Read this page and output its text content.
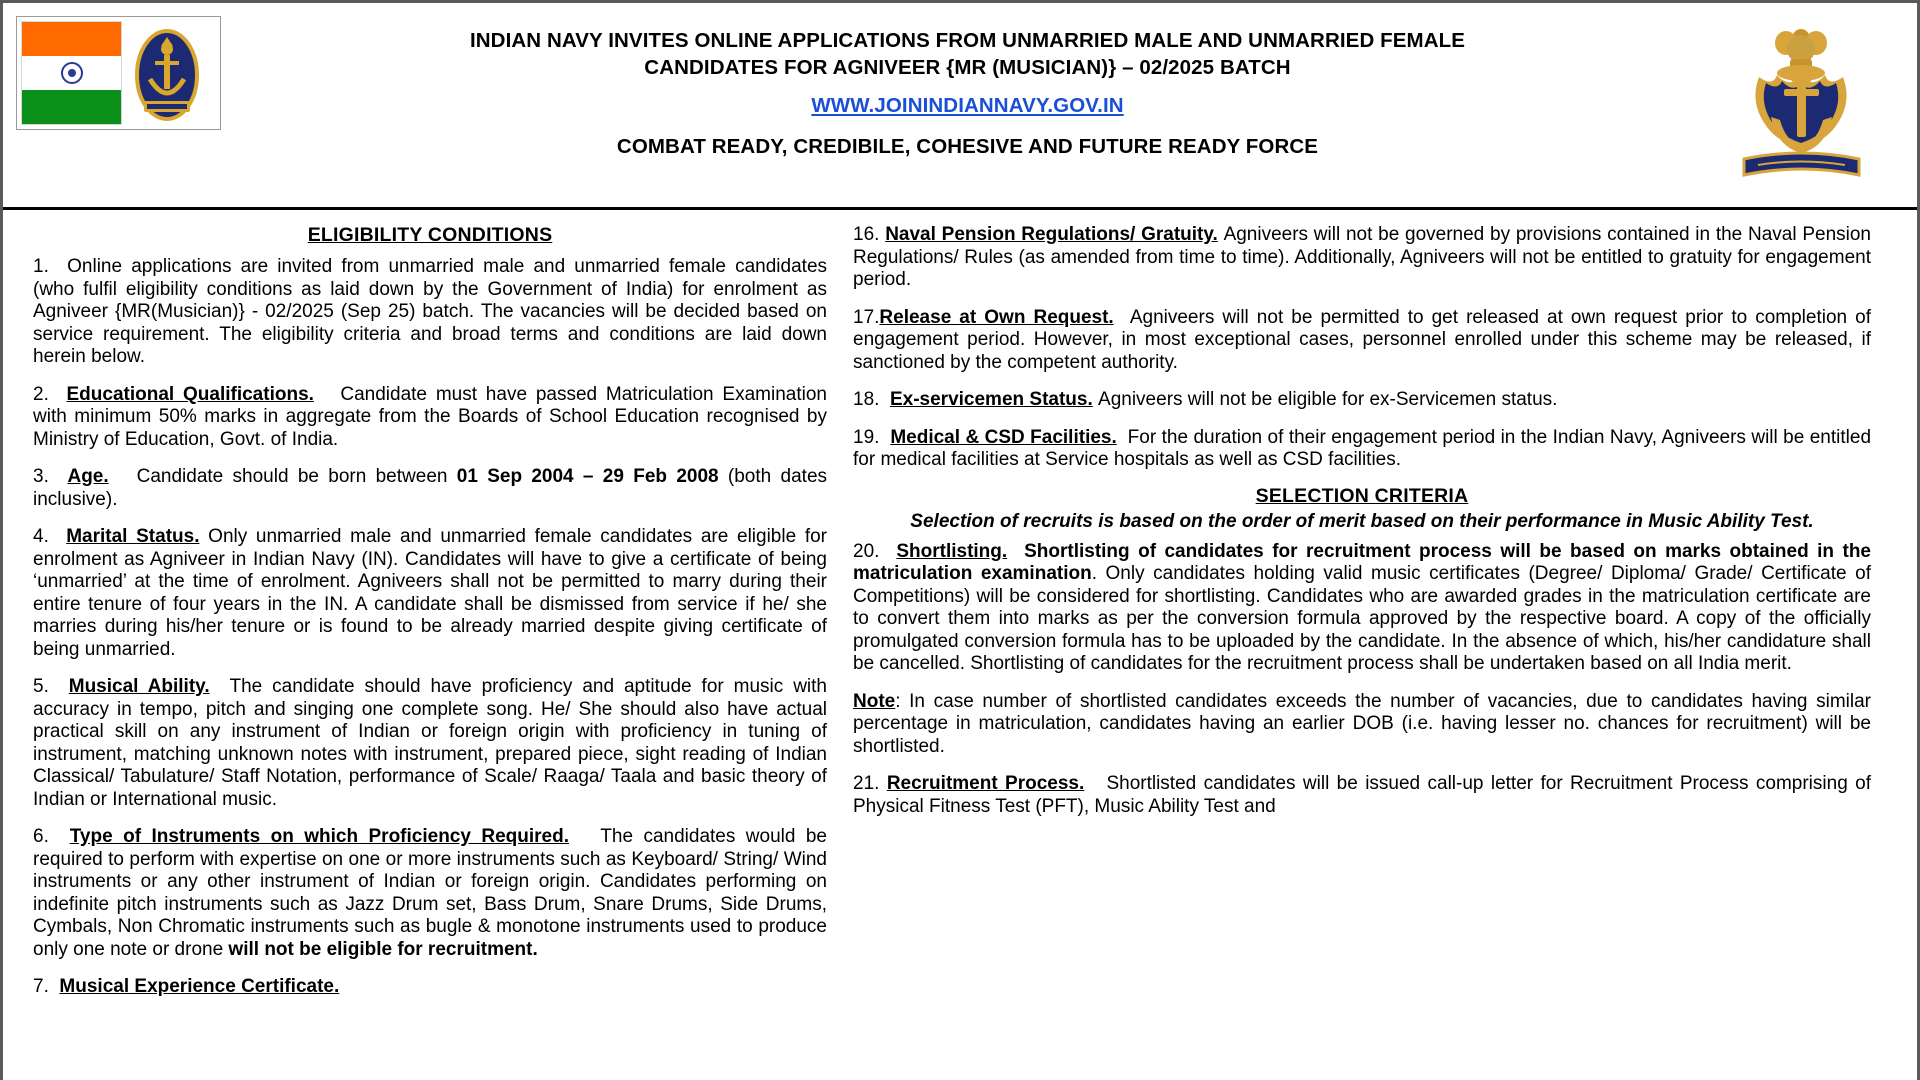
INDIAN NAVY INVITES ONLINE APPLICATIONS FROM UNMARRIED MALE AND UNMARRIED FEMALE
CANDIDATES FOR AGNIVEER {MR (MUSICIAN)} – 02/2025 BATCH
WWW.JOININDIANNAVY.GOV.IN
COMBAT READY, CREDIBILE, COHESIVE AND FUTURE READY FORCE
ELIGIBILITY CONDITIONS

1. Online applications are invited from unmarried male and unmarried female candidates (who fulfil eligibility conditions as laid down by the Government of India) for enrolment as Agniveer {MR(Musician)} - 02/2025 (Sep 25) batch. The vacancies will be decided based on service requirement. The eligibility criteria and broad terms and conditions are laid down herein below.

2. Educational Qualifications. Candidate must have passed Matriculation Examination with minimum 50% marks in aggregate from the Boards of School Education recognised by Ministry of Education, Govt. of India.

3. Age. Candidate should be born between 01 Sep 2004 – 29 Feb 2008 (both dates inclusive).

4. Marital Status. Only unmarried male and unmarried female candidates are eligible for enrolment as Agniveer in Indian Navy (IN). Candidates will have to give a certificate of being ‘unmarried’ at the time of enrolment. Agniveers shall not be permitted to marry during their entire tenure of four years in the IN. A candidate shall be dismissed from service if he/ she marries during his/her tenure or is found to be already married despite giving certificate of being unmarried.

5. Musical Ability. The candidate should have proficiency and aptitude for music with accuracy in tempo, pitch and singing one complete song. He/ She should also have actual practical skill on any instrument of Indian or foreign origin with proficiency in tuning of instrument, matching unknown notes with instrument, prepared piece, sight reading of Indian Classical/ Tabulature/ Staff Notation, performance of Scale/ Raaga/ Taala and basic theory of Indian or International music.

6. Type of Instruments on which Proficiency Required. The candidates would be required to perform with expertise on one or more instruments such as Keyboard/ String/ Wind instruments or any other instrument of Indian or foreign origin. Candidates performing on indefinite pitch instruments such as Jazz Drum set, Bass Drum, Snare Drums, Side Drums, Cymbals, Non Chromatic instruments such as bugle & monotone instruments used to produce only one note or drone will not be eligible for recruitment.

7. Musical Experience Certificate.

16. Naval Pension Regulations/ Gratuity. Agniveers will not be governed by provisions contained in the Naval Pension Regulations/ Rules (as amended from time to time). Additionally, Agniveers will not be entitled to gratuity for engagement period.

17.Release at Own Request. Agniveers will not be permitted to get released at own request prior to completion of engagement period. However, in most exceptional cases, personnel enrolled under this scheme may be released, if sanctioned by the competent authority.

18. Ex-servicemen Status. Agniveers will not be eligible for ex-Servicemen status.

19. Medical & CSD Facilities. For the duration of their engagement period in the Indian Navy, Agniveers will be entitled for medical facilities at Service hospitals as well as CSD facilities.

SELECTION CRITERIA
Selection of recruits is based on the order of merit based on their performance in Music Ability Test.

20. Shortlisting. Shortlisting of candidates for recruitment process will be based on marks obtained in the matriculation examination. Only candidates holding valid music certificates (Degree/ Diploma/ Grade/ Certificate of Competitions) will be considered for shortlisting. Candidates who are awarded grades in the matriculation certificate are to convert them into marks as per the conversion formula approved by the respective board. A copy of the officially promulgated conversion formula has to be uploaded by the candidate. In the absence of which, his/her candidature shall be cancelled. Shortlisting of candidates for the recruitment process shall be undertaken based on all India merit.

Note: In case number of shortlisted candidates exceeds the number of vacancies, due to candidates having similar percentage in matriculation, candidates having an earlier DOB (i.e. having lesser no. chances for recruitment) will be shortlisted.

21. Recruitment Process. Shortlisted candidates will be issued call-up letter for Recruitment Process comprising of Physical Fitness Test (PFT), Music Ability Test and
